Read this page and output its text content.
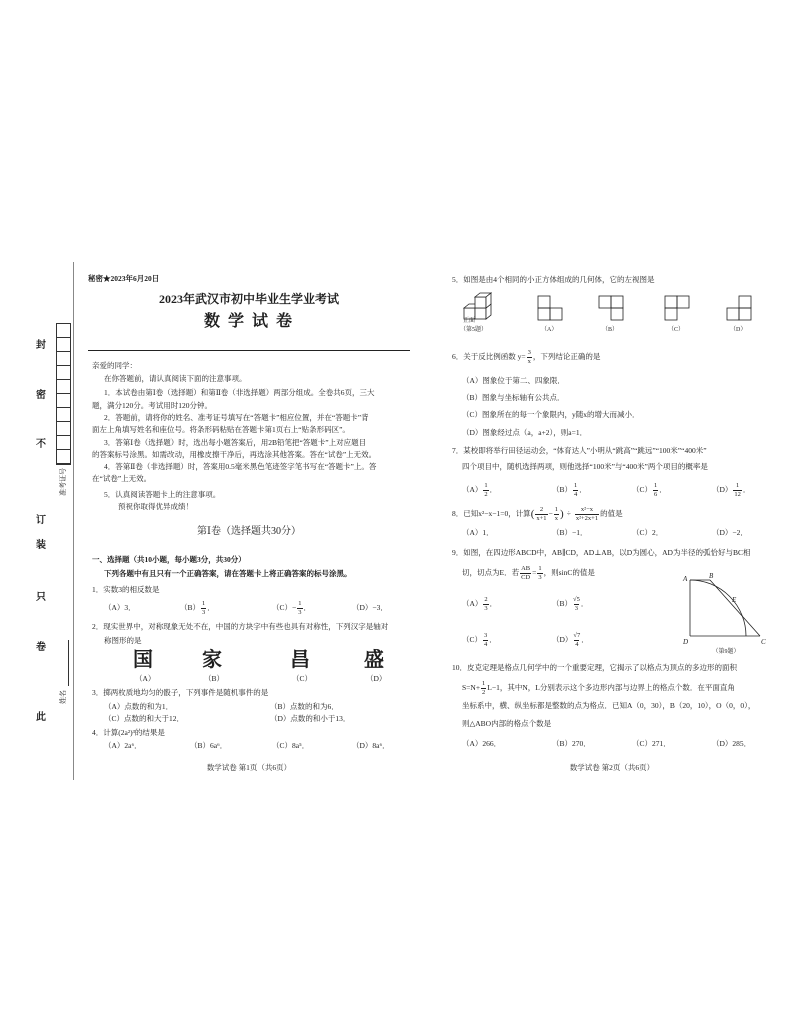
封
密
不
订
装
只
卷
此
准考证号
姓名
秘密★2023年6月20日
2023年武汉市初中毕业生学业考试
数 学 试 卷
亲爱的同学：
在你答题前，请认真阅读下面的注意事项。
1．本试卷由第Ⅰ卷（选择题）和第Ⅱ卷（非选择题）两部分组成。全卷共6页，三大
题，满分120分。考试用时120分钟。
2．答题前，请将你的姓名、准考证号填写在“答题卡”相应位置，并在“答题卡”背
面左上角填写姓名和座位号。将条形码粘贴在答题卡第1页右上“贴条形码区”。
3．答第Ⅰ卷（选择题）时，选出每小题答案后，用2B铅笔把“答题卡”上对应题目
的答案标号涂黑。如需改动，用橡皮擦干净后，再选涂其他答案。答在“试卷”上无效。
4．答第Ⅱ卷（非选择题）时，答案用0.5毫米黑色笔迹签字笔书写在“答题卡”上。答
在“试卷”上无效。
5．认真阅读答题卡上的注意事项。
预祝你取得优异成绩！
第Ⅰ卷（选择题共30分）
一、选择题（共10小题，每小题3分，共30分）
下列各题中有且只有一个正确答案，请在答题卡上将正确答案的标号涂黑。
1．实数3的相反数是
（A） 3．	$(B) \frac{1}{3}$ ．	$(C) - \frac{1}{3}$ ．	（D） −3．
2．现实世界中，对称现象无处不在，中国的方块字中有些也具有对称性，下列汉字是轴对
称图形的是
国 家	昌	盛
（A）	（B）	（C）	（D）
3．掷两枚质地均匀的骰子，下列事件是随机事件的是
（A）点数的和为1．	（B）点数的和为6．
（C）点数的和大于12．	（D）点数的和小于13．
4．计算(2a²)³的结果是
（A）2a⁶．	（B）6a⁶．	（C）8a⁵．	（D）8a⁶．
数学试卷 第1页（共6页）
5．如图是由4个相同的小正方体组成的几何体，它的左视图是
正面
（第5题）	（A）	（B）	（C）	（D）
6．关于反比例函数 $y= \frac{3}{x}$ ，下列结论正确的是
（A）图象位于第二、四象限．
（B）图象与坐标轴有公共点．
（C）图象所在的每一个象限内，y随x的增大而减小．
（D）图象经过点（a，a+2），则a=1．
7．某校即将举行田径运动会，“体育达人”小明从“跳高”“跳远”“100米”“400米”
四个项目中，随机选择两项，则他选择“100米”与“400米”两个项目的概率是
$(A) \frac{1}{2}$ ．	$(B) \frac{1}{4}$ ．	$(C) \frac{1}{6}$ ．	$(D) \frac{1}{12}$ ．
8．已知x²−x−1=0，计算 ( $\frac{2}{x+1} - \frac{1}{x}$ ) ÷ $\frac{\text{x²−x}}{\text{x²+2x+1}}$ 的值是
（A）1．	（B）−1．	（C）2．	（D）−2．
9．如图，在四边形ABCD中，AB∥CD，AD⊥AB，以D为圆心，AD为半径的弧恰好与BC相
切，切点为E．若 $\frac{AB}{CD} = \frac{1}{3}$ ，则sinC的值是
$(A) \frac{2}{3}$ ．	$(B) \frac{√5}{3}$ ．
$(C) \frac{3}{4}$ ．	$(D) \frac{√7}{4}$ ．
A	B
E
D	C
（第9题）
10．皮克定理是格点几何学中的一个重要定理，它揭示了以格点为顶点的多边形的面积
$S=N+ \frac{1}{2} L-1$，其中N，L分别表示这个多边形内部与边界上的格点个数．在平面直角
坐标系中，横、纵坐标都是整数的点为格点．已知A（0，30），B（20，10），O（0，0），
则△ABO内部的格点个数是
（A）266．	（B）270．	（C）271．	（D）285．
数学试卷 第2页（共6页）
